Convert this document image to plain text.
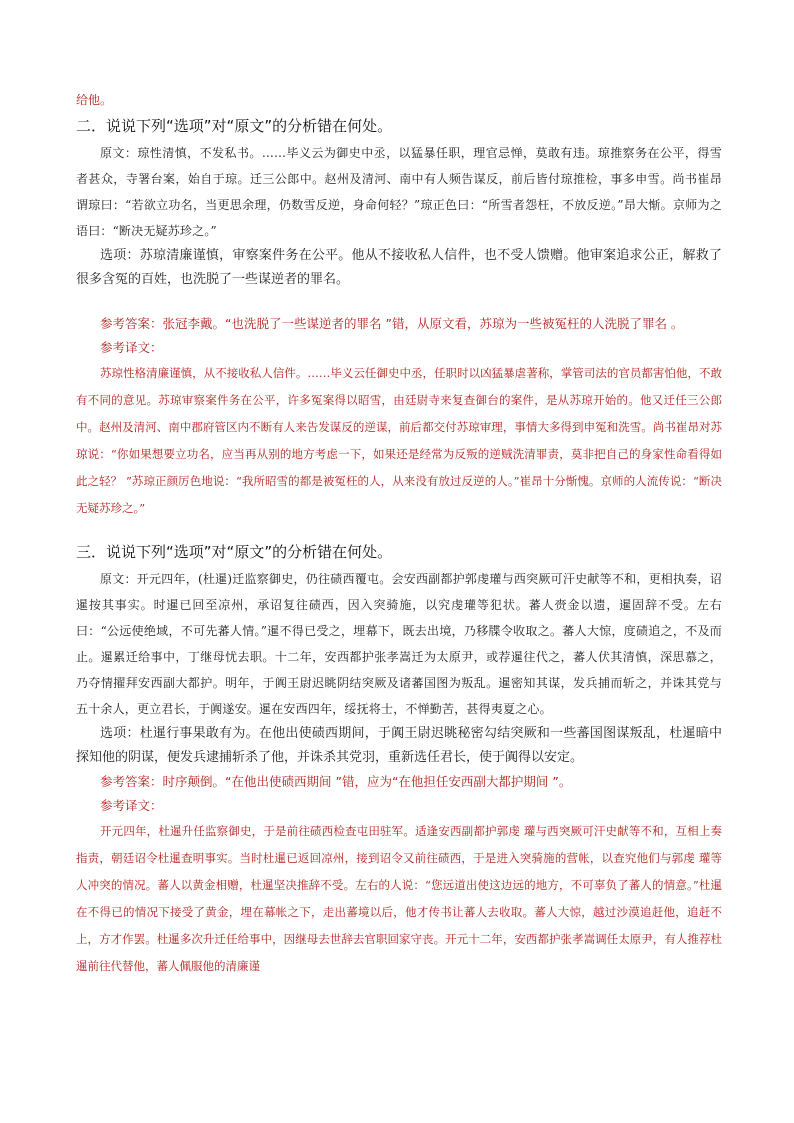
给他。

二．说说下列“选项”对“原文”的分析错在何处。

原文：琼性清慎，不发私书。……毕义云为御史中丞，以猛暴任职，理官忌惮，莫敢有违。琼推察务在公平，得雪者甚众，寺署台案，始自于琼。迁三公郎中。赵州及清河、南中有人频告谋反，前后皆付琼推检，事多申雪。尚书崔昂谓琼曰：“若欲立功名，当更思余理，仍数雪反逆，身命何轻？”琼正色曰：“所雪者怨枉，不放反逆。”昂大惭。京师为之语曰：“断决无疑苏珍之。”

选项：苏琼清廉谨慎，审察案件务在公平。他从不接收私人信件，也不受人馈赠。他审案追求公正，解救了很多含冤的百姓，也洗脱了一些谋逆者的罪名。

参考答案：张冠李戴。“也洗脱了一些谋逆者的罪名 ”错，从原文看，苏琼为一些被冤枉的人洗脱了罪名 。

参考译文：

苏琼性格清廉谨慎，从不接收私人信件。……毕义云任御史中丞，任职时以凶猛暴虐著称，掌管司法的官员都害怕他，不敢有不同的意见。苏琼审察案件务在公平，许多冤案得以昭雪，由廷尉寺来复查御台的案件，是从苏琼开始的。他又迁任三公郎中。赵州及清河、南中郡府管区内不断有人来告发谋反的逆谋，前后都交付苏琼审理，事情大多得到申冤和洗雪。尚书崔昂对苏琼说：“你如果想要立功名，应当再从别的地方考虑一下，如果还是经常为反叛的逆贼洗清罪责，莫非把自己的身家性命看得如此之轻？ ”苏琼正颜厉色地说：“我所昭雪的都是被冤枉的人，从来没有放过反逆的人。”崔昂十分惭愧。京师的人流传说：“断决无疑苏珍之。”

三．说说下列“选项”对“原文”的分析错在何处。

原文：开元四年，(杜暹)迁监察御史，仍往碛西覆屯。会安西副都护郭虔瓘与西突厥可汗史献等不和，更相执奏，诏暹按其事实。时暹已回至凉州，承诏复往碛西，因入突骑施，以究虔瓘等犯状。蕃人赍金以遗，暹固辞不受。左右曰：“公远使绝域，不可先蕃人情。”暹不得已受之，埋幕下，既去出境，乃移牒令收取之。蕃人大惊，度碛追之，不及而止。暹累迁给事中，丁继母忧去职。十二年，安西都护张孝嵩迁为太原尹，或荐暹往代之，蕃人伏其清慎，深思慕之，乃夺情擢拜安西副大都护。明年，于阗王尉迟眺阴结突厥及诸蕃国图为叛乱。暹密知其谋，发兵捕而斩之，并诛其党与五十余人，更立君长，于阗遂安。暹在安西四年，绥抚将士，不惮勤苦，甚得夷夏之心。

选项：杜暹行事果敢有为。在他出使碛西期间，于阗王尉迟眺秘密勾结突厥和一些蕃国图谋叛乱，杜暹暗中探知他的阴谋，便发兵逮捕斩杀了他，并诛杀其党羽，重新选任君长，使于阗得以安定。

参考答案：时序颠倒。“在他出使碛西期间 ”错，应为“在他担任安西副大都护期间 ”。

参考译文：

开元四年，杜暹升任监察御史，于是前往碛西检查屯田驻军。适逢安西副都护郭虔 瓘与西突厥可汗史献等不和，互相上奏指责，朝廷诏令杜暹查明事实。当时杜暹已返回凉州，接到诏令又前往碛西，于是进入突骑施的营帐，以查究他们与郭虔 瓘等人冲突的情况。蕃人以黄金相赠，杜暹坚决推辞不受。左右的人说：“您远道出使这边远的地方，不可辜负了蕃人的情意。”杜暹在不得已的情况下接受了黄金，埋在幕帐之下，走出蕃境以后，他才传书让蕃人去收取。蕃人大惊，越过沙漠追赶他，追赶不上，方才作罢。杜暹多次升迁任给事中，因继母去世辞去官职回家守丧。开元十二年，安西都护张孝嵩调任太原尹，有人推荐杜暹前往代替他，蕃人佩服他的清廉谨
